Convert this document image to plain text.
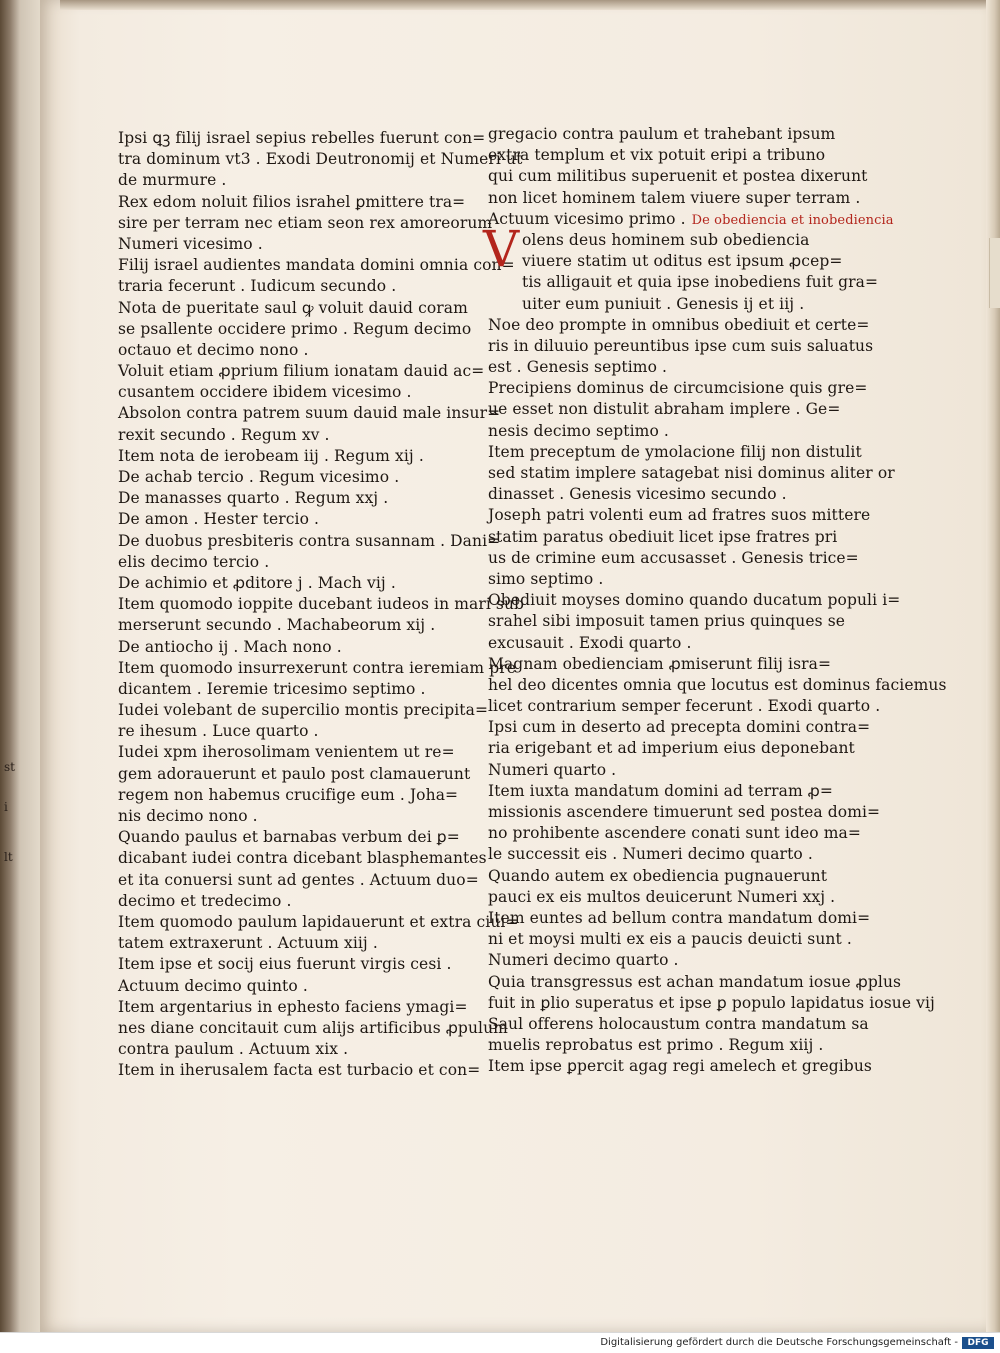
st
i
lt
Ipsi ꝗꝫ filij israel sepius rebelles fuerunt con=
tra dominum vt3 . Exodi Deutronomij et Numeri ut
de murmure .
Rex edom noluit filios israhel ꝑmittere tra=
sire per terram nec etiam seon rex amoreorum
Numeri vicesimo .
Filij israel audientes mandata domini omnia con=
traria fecerunt . Iudicum secundo .
Nota de pueritate saul ꝙ voluit dauid coram
se psallente occidere primo . Regum decimo
octauo et decimo nono .
Voluit etiam ꝓprium filium ionatam dauid ac=
cusantem occidere ibidem vicesimo .
Absolon contra patrem suum dauid male insur=
rexit secundo . Regum xv .
Item nota de ierobeam iij . Regum xij .
De achab tercio . Regum vicesimo .
De manasses quarto . Regum xxj .
De amon . Hester tercio .
De duobus presbiteris contra susannam . Dani=
elis decimo tercio .
De achimio et ꝓditore j . Mach vij .
Item quomodo ioppite ducebant iudeos in mari sub
merserunt secundo . Machabeorum xij .
De antiocho ij . Mach nono .
Item quomodo insurrexerunt contra ieremiam pre
dicantem . Ieremie tricesimo septimo .
Iudei volebant de supercilio montis precipita=
re ihesum . Luce quarto .
Iudei xpm iherosolimam venientem ut re=
gem adorauerunt et paulo post clamauerunt
regem non habemus crucifige eum . Joha=
nis decimo nono .
Quando paulus et barnabas verbum dei ꝑ=
dicabant iudei contra dicebant blasphemantes
et ita conuersi sunt ad gentes . Actuum duo=
decimo et tredecimo .
Item quomodo paulum lapidauerunt et extra ciui=
tatem extraxerunt . Actuum xiij .
Item ipse et socij eius fuerunt virgis cesi .
Actuum decimo quinto .
Item argentarius in ephesto faciens ymagi=
nes diane concitauit cum alijs artificibus ꝓpulum
contra paulum . Actuum xix .
Item in iherusalem facta est turbacio et con=
V
gregacio contra paulum et trahebant ipsum
extra templum et vix potuit eripi a tribuno
qui cum militibus superuenit et postea dixerunt
non licet hominem talem viuere super terram .
Actuum vicesimo primo . De obediencia et inobediencia
olens deus hominem sub obediencia
viuere statim ut oditus est ipsum ꝓcep=
tis alligauit et quia ipse inobediens fuit gra=
uiter eum puniuit . Genesis ij et iij .
Noe deo prompte in omnibus obediuit et certe=
ris in diluuio pereuntibus ipse cum suis saluatus
est . Genesis septimo .
Precipiens dominus de circumcisione quis gre=
ue esset non distulit abraham implere . Ge=
nesis decimo septimo .
Item preceptum de ymolacione filij non distulit
sed statim implere satagebat nisi dominus aliter or
dinasset . Genesis vicesimo secundo .
Joseph patri volenti eum ad fratres suos mittere
statim paratus obediuit licet ipse fratres pri
us de crimine eum accusasset . Genesis trice=
simo septimo .
Obediuit moyses domino quando ducatum populi i=
srahel sibi imposuit tamen prius quinques se
excusauit . Exodi quarto .
Magnam obedienciam ꝓmiserunt filij isra=
hel deo dicentes omnia que locutus est dominus faciemus
licet contrarium semper fecerunt . Exodi quarto .
Ipsi cum in deserto ad precepta domini contra=
ria erigebant et ad imperium eius deponebant
Numeri quarto .
Item iuxta mandatum domini ad terram ꝓ=
missionis ascendere timuerunt sed postea domi=
no prohibente ascendere conati sunt ideo ma=
le successit eis . Numeri decimo quarto .
Quando autem ex obediencia pugnauerunt
pauci ex eis multos deuicerunt Numeri xxj .
Item euntes ad bellum contra mandatum domi=
ni et moysi multi ex eis a paucis deuicti sunt .
Numeri decimo quarto .
Quia transgressus est achan mandatum iosue ꝓplus
fuit in ꝑlio superatus et ipse ꝑ populo lapidatus iosue vij
Saul offerens holocaustum contra mandatum sa
muelis reprobatus est primo . Regum xiij .
Item ipse ꝑpercit agag regi amelech et gregibus
Digitalisierung gefördert durch die Deutsche Forschungsgemeinschaft -	DFG
